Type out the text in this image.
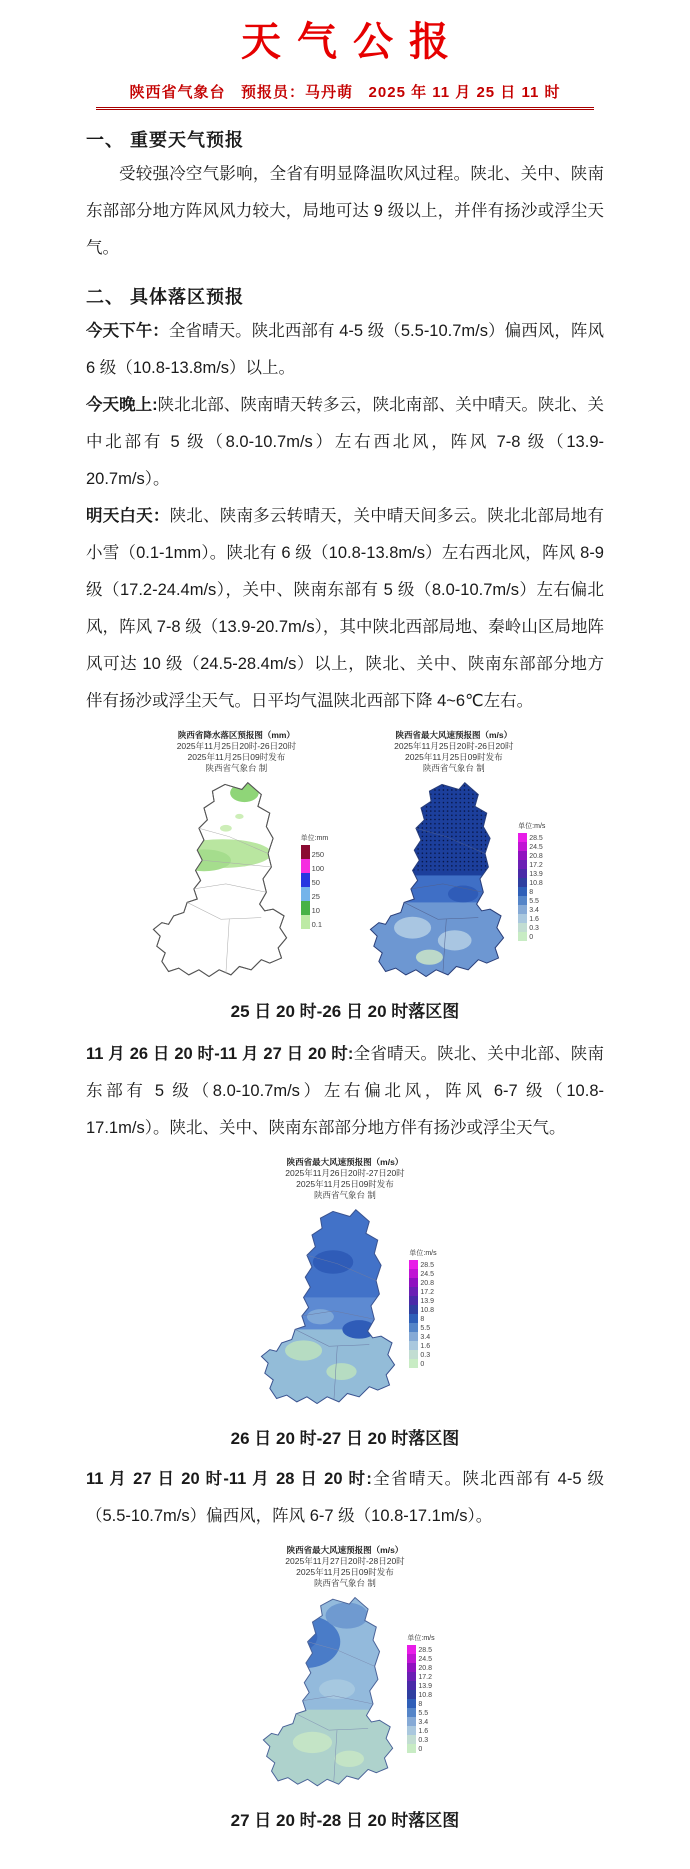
天气公报
陕西省气象台 预报员：马丹萌 2025 年 11 月 25 日 11 时
一、 重要天气预报

受较强冷空气影响，全省有明显降温吹风过程。陕北、关中、陕南东部部分地方阵风风力较大，局地可达 9 级以上，并伴有扬沙或浮尘天气。

二、 具体落区预报

今天下午：全省晴天。陕北西部有 4-5 级（5.5-10.7m/s）偏西风，阵风 6 级（10.8-13.8m/s）以上。

今天晚上:陕北北部、陕南晴天转多云，陕北南部、关中晴天。陕北、关中北部有 5 级（8.0-10.7m/s）左右西北风，阵风 7-8 级（13.9-20.7m/s）。

明天白天：陕北、陕南多云转晴天，关中晴天间多云。陕北北部局地有小雪（0.1-1mm）。陕北有 6 级（10.8-13.8m/s）左右西北风，阵风 8-9 级（17.2-24.4m/s），关中、陕南东部有 5 级（8.0-10.7m/s）左右偏北风，阵风 7-8 级（13.9-20.7m/s），其中陕北西部局地、秦岭山区局地阵风可达 10 级（24.5-28.4m/s）以上，陕北、关中、陕南东部部分地方伴有扬沙或浮尘天气。日平均气温陕北西部下降 4~6℃左右。

陕西省降水落区预报图（mm）
2025年11月25日20时-26日20时
2025年11月25日09时发布
陕西省气象台 制
单位:mm
250
100
50
25
10
0.1
陕西省最大风速预报图（m/s）
2025年11月25日20时-26日20时
2025年11月25日09时发布
陕西省气象台 制
单位:m/s
28.5
24.5
20.8
17.2
13.9
10.8
8
5.5
3.4
1.6
0.3
0
25 日 20 时-26 日 20 时落区图

11 月 26 日 20 时-11 月 27 日 20 时:全省晴天。陕北、关中北部、陕南东部有 5 级（8.0-10.7m/s）左右偏北风，阵风 6-7 级（10.8-17.1m/s）。陕北、关中、陕南东部部分地方伴有扬沙或浮尘天气。

陕西省最大风速预报图（m/s）
2025年11月26日20时-27日20时
2025年11月25日09时发布
陕西省气象台 制
单位:m/s
28.5
24.5
20.8
17.2
13.9
10.8
8
5.5
3.4
1.6
0.3
0
26 日 20 时-27 日 20 时落区图

11 月 27 日 20 时-11 月 28 日 20 时:全省晴天。陕北西部有 4-5 级（5.5-10.7m/s）偏西风，阵风 6-7 级（10.8-17.1m/s）。

陕西省最大风速预报图（m/s）
2025年11月27日20时-28日20时
2025年11月25日09时发布
陕西省气象台 制
单位:m/s
28.5
24.5
20.8
17.2
13.9
10.8
8
5.5
3.4
1.6
0.3
0
27 日 20 时-28 日 20 时落区图
